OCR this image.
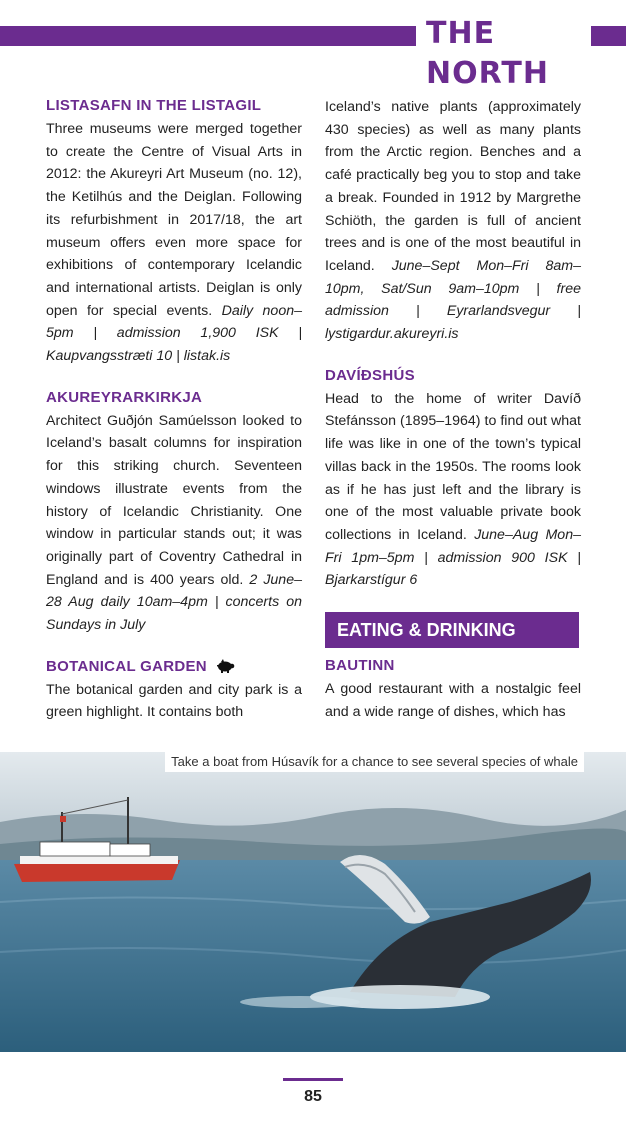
THE NORTH
LISTASAFN IN THE LISTAGIL

Three museums were merged together to create the Centre of Visual Arts in 2012: the Akureyri Art Museum (no. 12), the Ketilhús and the Deiglan. Following its refurbishment in 2017/18, the art museum offers even more space for exhibitions of contemporary Icelandic and international artists. Deiglan is only open for special events. Daily noon–5pm | admission 1,900 ISK | Kaupvangsstræti 10 | listak.is

AKUREYRARKIRKJA

Architect Guðjón Samúelsson looked to Iceland’s basalt columns for inspiration for this striking church. Seventeen windows illustrate events from the history of Icelandic Christianity. One window in particular stands out; it was originally part of Coventry Cathedral in England and is 400 years old. 2 June–28 Aug daily 10am–4pm | concerts on Sundays in July

BOTANICAL GARDEN

The botanical garden and city park is a green highlight. It contains both

Iceland’s native plants (approximately 430 species) as well as many plants from the Arctic region. Benches and a café practically beg you to stop and take a break. Founded in 1912 by Margrethe Schiöth, the garden is full of ancient trees and is one of the most beautiful in Iceland. June–Sept Mon–Fri 8am–10pm, Sat/Sun 9am–10pm | free admission | Eyrarlandsvegur | lystigardur.akureyri.is

DAVÍÐSHÚS

Head to the home of writer Davíð Stefánsson (1895–1964) to find out what life was like in one of the town’s typical villas back in the 1950s. The rooms look as if he has just left and the library is one of the most valuable private book collections in Iceland. June–Aug Mon–Fri 1pm–5pm | admission 900 ISK | Bjarkarstígur 6

EATING & DRINKING
BAUTINN

A good restaurant with a nostalgic feel and a wide range of dishes, which has

Take a boat from Húsavík for a chance to see several species of whale
85
